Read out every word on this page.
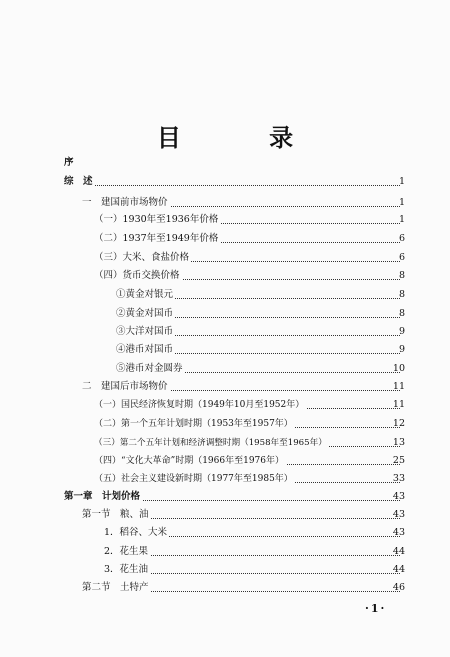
目 录
序
综　述	1
一　建国前市场物价	1
（一）1930年至1936年价格	1
（二）1937年至1949年价格	6
（三）大米、食盐价格	6
（四）货币交换价格	8
①黄金对银元	8
②黄金对国币	8
③大洋对国币	9
④港币对国币	9
⑤港币对金圆券	10
二　建国后市场物价	11
（一）国民经济恢复时期（1949年10月至1952年）	11
（二）第一个五年计划时期（1953年至1957年）	12
（三）第二个五年计划和经济调整时期（1958年至1965年）	13
（四）“文化大革命”时期（1966年至1976年）	25
（五）社会主义建设新时期（1977年至1985年）	33
第一章　计划价格	43
第一节　粮、油	43
1．稻谷、大米	43
2．花生果	44
3．花生油	44
第二节　土特产	46
·1·
